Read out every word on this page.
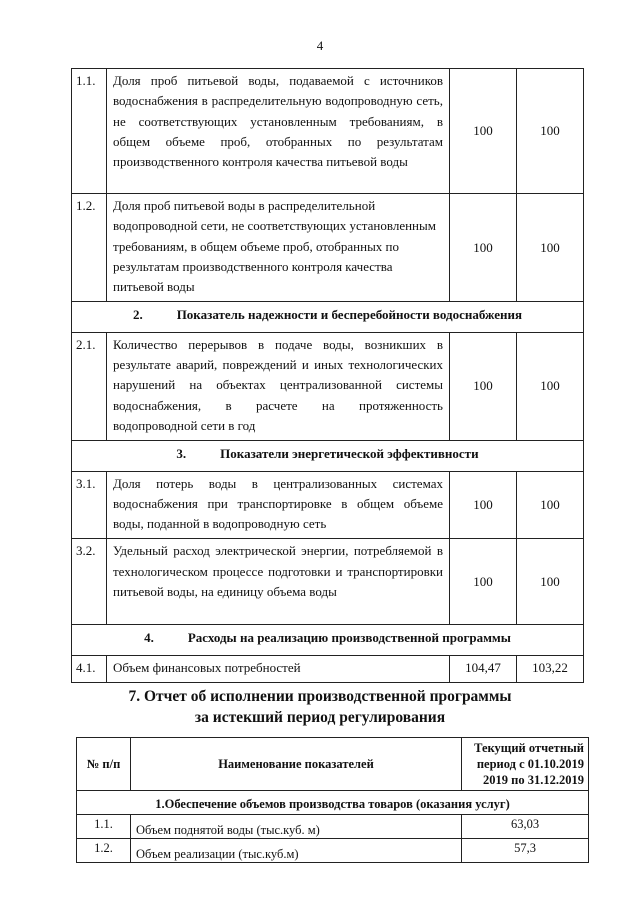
4
1.1.	Доля проб питьевой воды, подаваемой с источников водоснабжения в распределительную водопроводную сеть, не соответствующих установленным требованиям, в общем объеме проб, отобранных по результатам производственного контроля качества питьевой воды	100	100
1.2.	Доля проб питьевой воды в распределительной водопроводной сети, не соответствующих установленным требованиям, в общем объеме проб, отобранных по результатам производственного контроля качества питьевой воды	100	100
2. Показатель надежности и бесперебойности водоснабжения			
2.1.	Количество перерывов в подаче воды, возникших в результате аварий, повреждений и иных технологических нарушений на объектах централизованной системы водоснабжения, в расчете на протяженность водопроводной сети в год	100	100
3. Показатели энергетической эффективности			
3.1.	Доля потерь воды в централизованных системах водоснабжения при транспортировке в общем объеме воды, поданной в водопроводную сеть	100	100
3.2.	Удельный расход электрической энергии, потребляемой в технологическом процессе подготовки и транспортировки питьевой воды, на единицу объема воды	100	100
4. Расходы на реализацию производственной программы			
4.1.	Объем финансовых потребностей	104,47	103,22
7. Отчет об исполнении производственной программы
за истекший период регулирования
№ п/п	Наименование показателей	Текущий отчетный
период с 01.10.2019
2019 по 31.12.2019

1.Обеспечение объемов производства товаров (оказания услуг)		
1.1.	Объем поднятой воды (тыс.куб. м)	63,03
1.2.	Объем реализации (тыс.куб.м)	57,3
